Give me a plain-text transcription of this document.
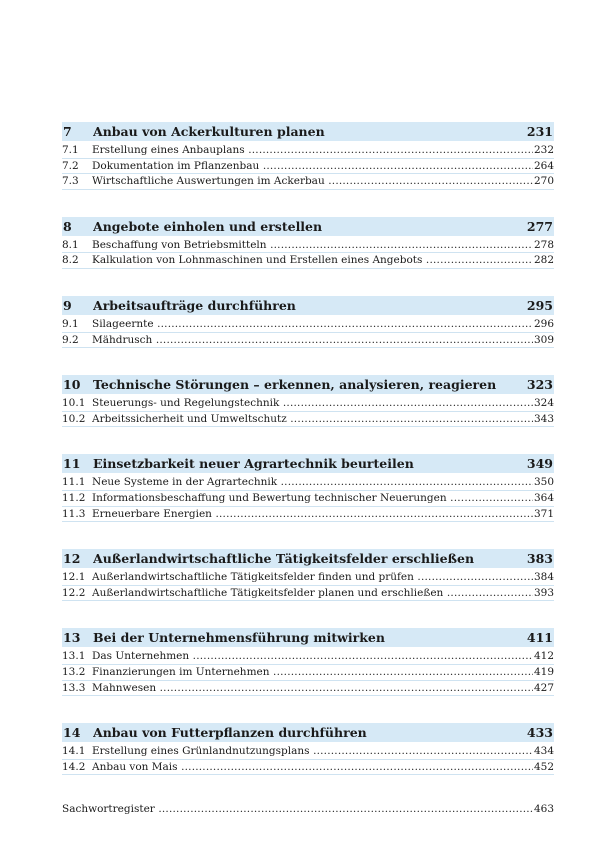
7	Anbau von Ackerkulturen planen	231
7.1	Erstellung eines Anbauplans .....	232
7.2	Dokumentation im Pflanzenbau .....	264
7.3	Wirtschaftliche Auswertungen im Ackerbau .....	270
8	Angebote einholen und erstellen	277
8.1	Beschaffung von Betriebsmitteln .....	278
8.2	Kalkulation von Lohnmaschinen und Erstellen eines Angebots .....	282
9	Arbeitsaufträge durchführen	295
9.1	Silageernte .....	296
9.2	Mähdrusch .....	309
10	Technische Störungen – erkennen, analysieren, reagieren	323
10.1 Steuerungs- und Regelungstechnik .....	324
10.2 Arbeitssicherheit und Umweltschutz .....	343
11	Einsetzbarkeit neuer Agrartechnik beurteilen	349
11.1 Neue Systeme in der Agrartechnik .....	350
11.2 Informationsbeschaffung und Bewertung technischer Neuerungen .....	364
11.3 Erneuerbare Energien .....	371
12	Außerlandwirtschaftliche Tätigkeitsfelder erschließen	383
12.1 Außerlandwirtschaftliche Tätigkeitsfelder finden und prüfen .....	384
12.2 Außerlandwirtschaftliche Tätigkeitsfelder planen und erschließen .....	393
13	Bei der Unternehmensführung mitwirken	411
13.1 Das Unternehmen .....	412
13.2 Finanzierungen im Unternehmen .....	419
13.3 Mahnwesen .....	427
14	Anbau von Futterpflanzen durchführen	433
14.1 Erstellung eines Grünlandnutzungsplans .....	434
14.2 Anbau von Mais .....	452
Sachwortregister .....	463
